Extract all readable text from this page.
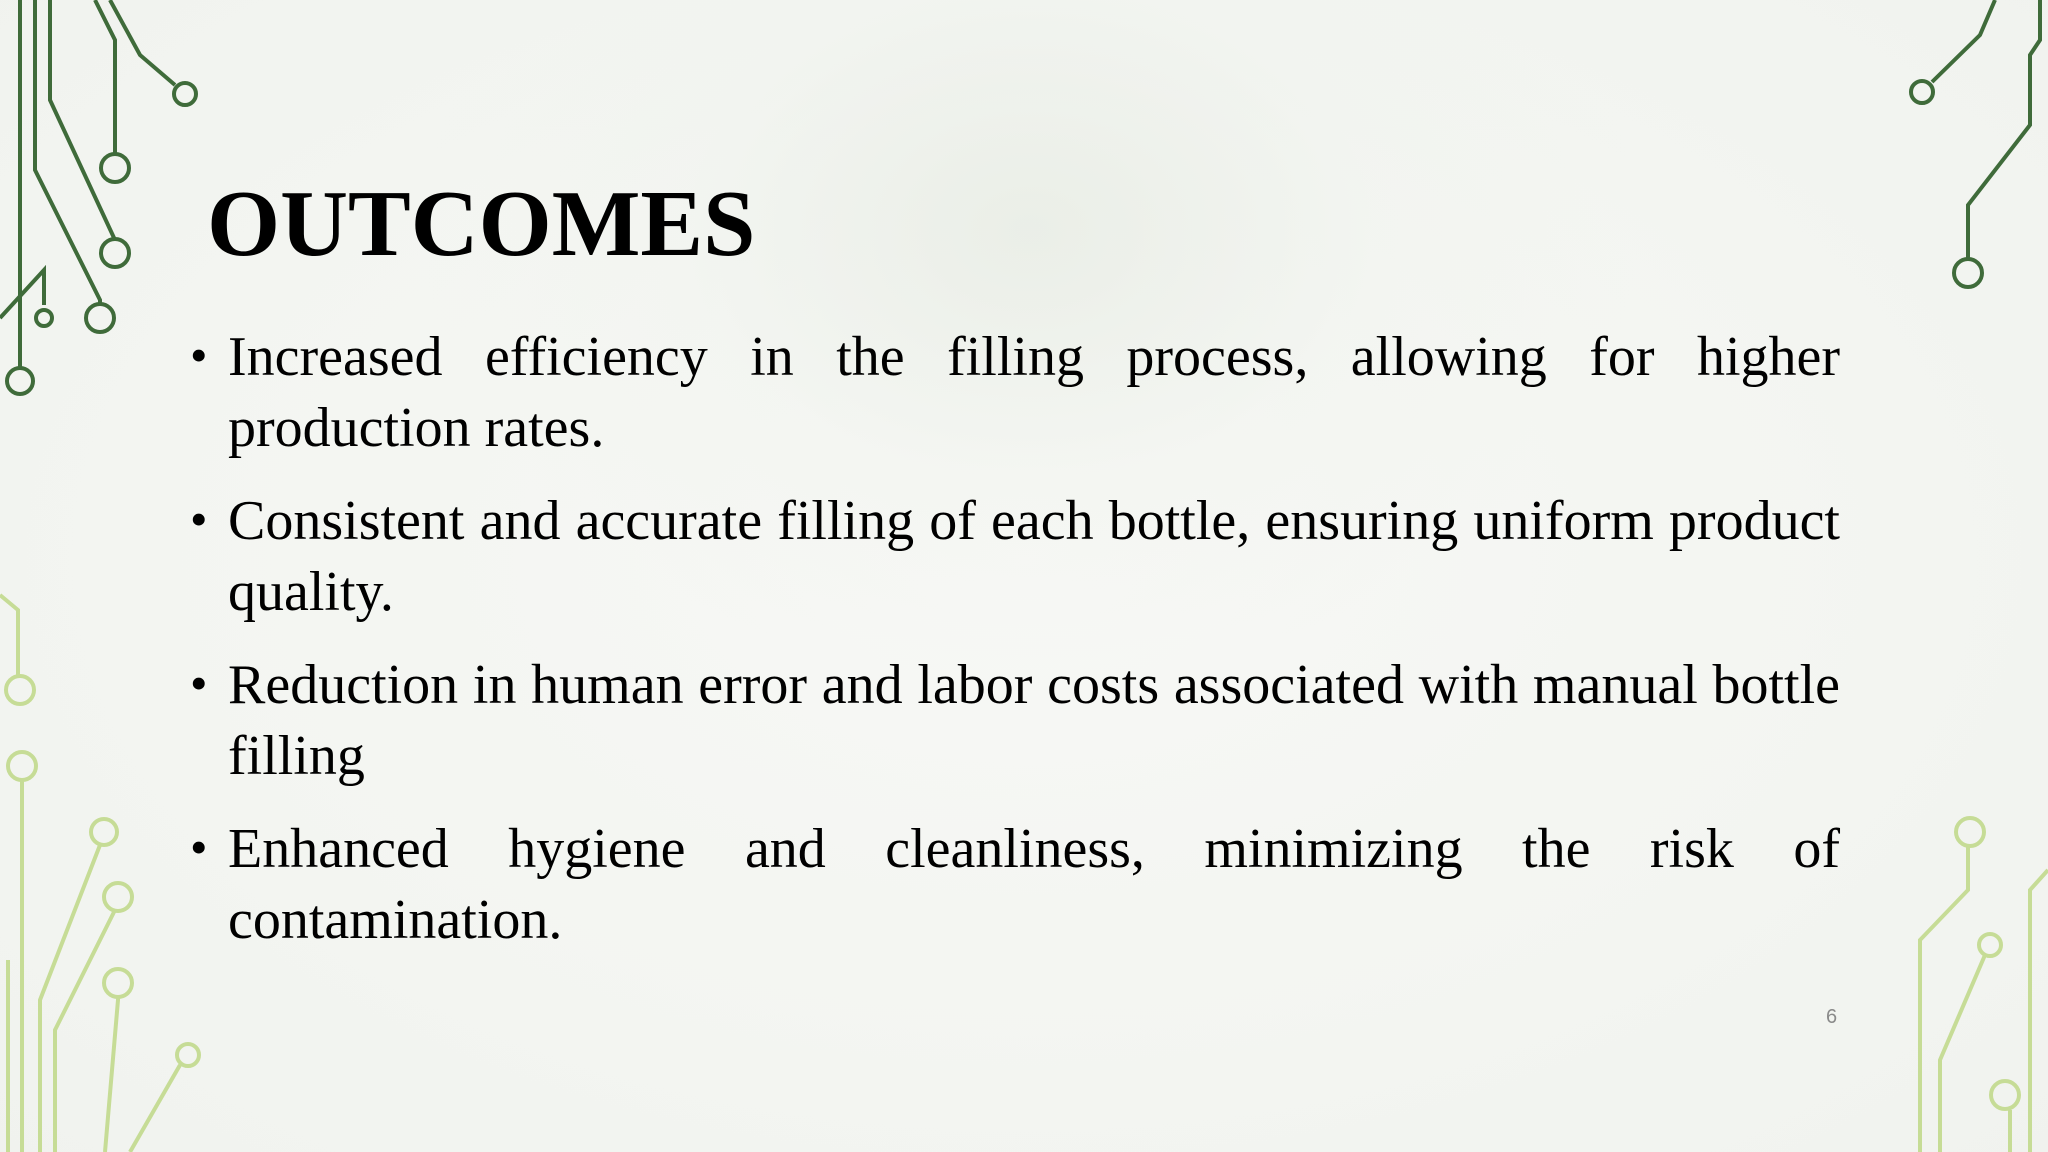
OUTCOMES
• Increased efficiency in the filling process, allowing for higher production rates.
• Consistent and accurate filling of each bottle, ensuring uniform product quality.
• Reduction in human error and labor costs associated with manual bottle filling
• Enhanced hygiene and cleanliness, minimizing the risk of contamination.
6
